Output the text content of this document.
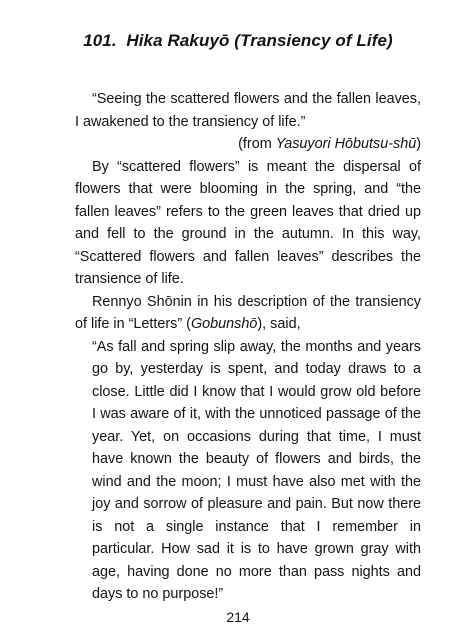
101. Hika Rakuyō (Transiency of Life)

“Seeing the scattered flowers and the fallen leaves, I awakened to the transiency of life.”

(from Yasuyori Hōbutsu-shū)

By “scattered flowers” is meant the dispersal of flowers that were blooming in the spring, and “the fallen leaves” refers to the green leaves that dried up and fell to the ground in the autumn. In this way, “Scattered flowers and fallen leaves” describes the transience of life.

Rennyo Shōnin in his description of the transiency of life in “Letters” (Gobunshō), said,

“As fall and spring slip away, the months and years go by, yesterday is spent, and today draws to a close. Little did I know that I would grow old before I was aware of it, with the unnoticed passage of the year. Yet, on occasions during that time, I must have known the beauty of flowers and birds, the wind and the moon; I must have also met with the joy and sorrow of pleasure and pain. But now there is not a single instance that I remember in particular. How sad it is to have grown gray with age, having done no more than pass nights and days to no purpose!”

214
